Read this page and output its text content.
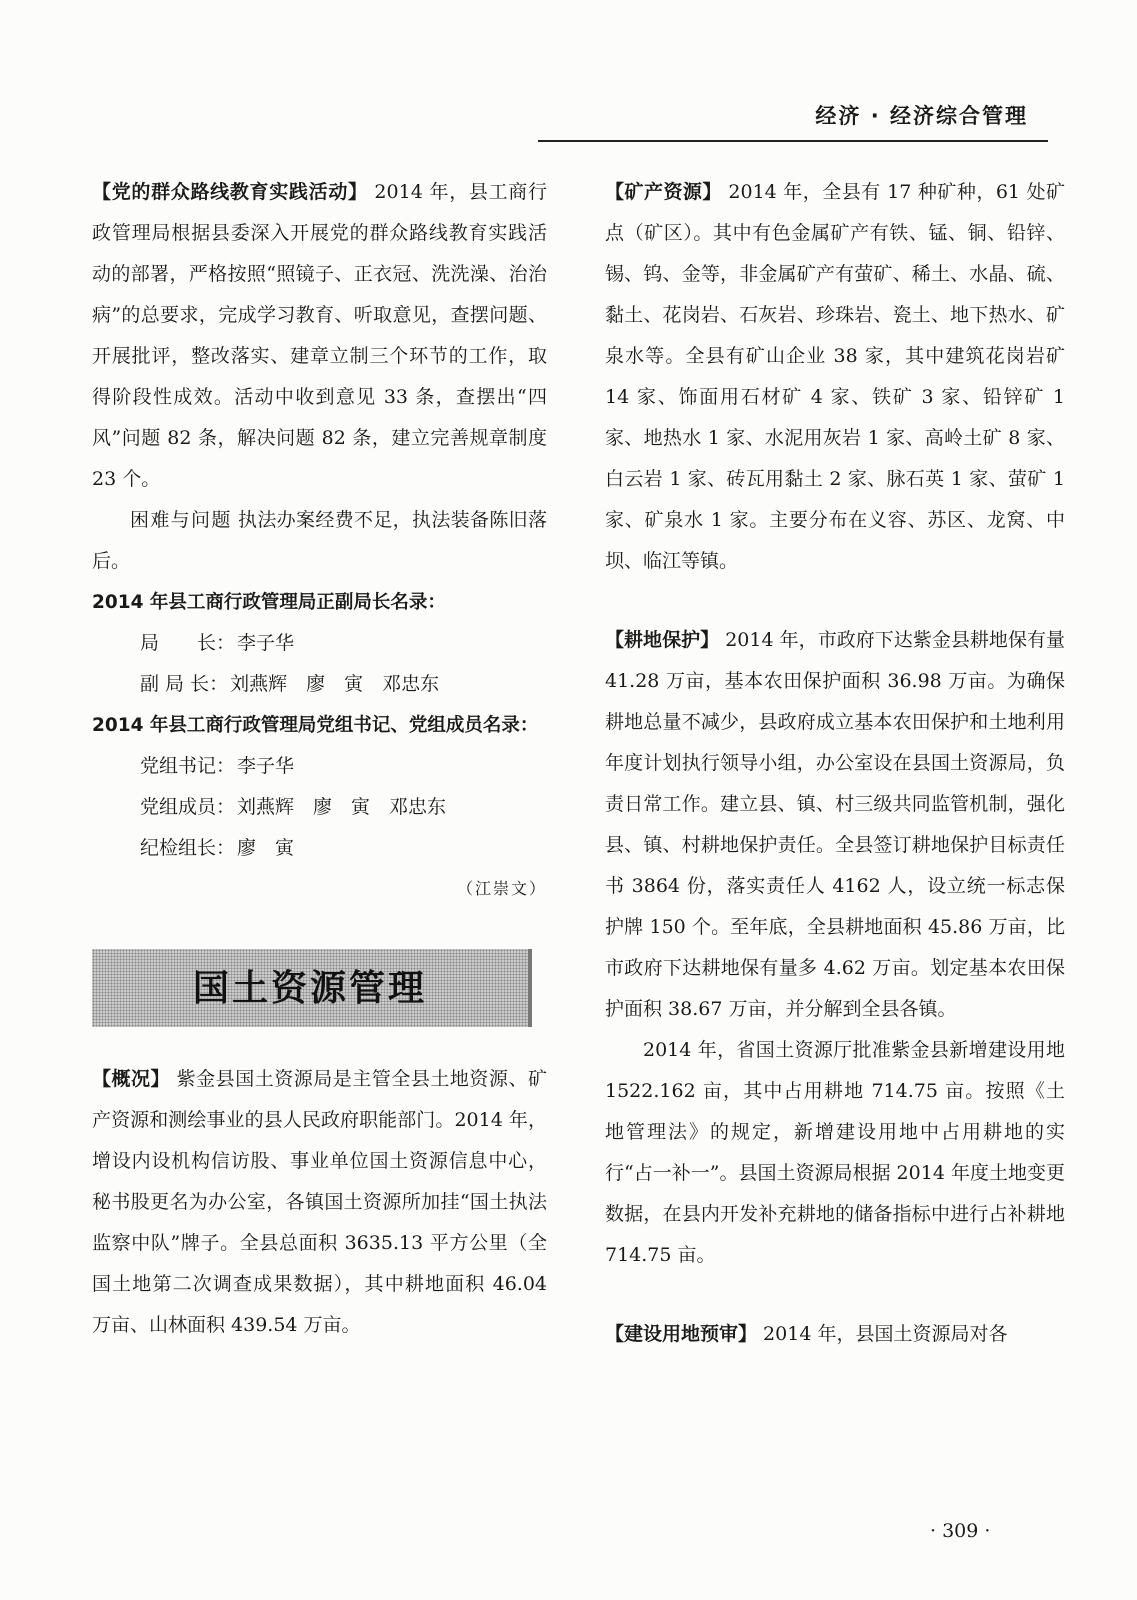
经济 · 经济综合管理

【党的群众路线教育实践活动】 2014 年，县工商行政管理局根据县委深入开展党的群众路线教育实践活动的部署，严格按照“照镜子、正衣冠、洗洗澡、治治病”的总要求，完成学习教育、听取意见，查摆问题、开展批评，整改落实、建章立制三个环节的工作，取得阶段性成效。活动中收到意见 33 条，查摆出“四风”问题 82 条，解决问题 82 条，建立完善规章制度 23 个。

困难与问题 执法办案经费不足，执法装备陈旧落后。

2014 年县工商行政管理局正副局长名录：

局　　长： 李子华

副 局 长： 刘燕辉　廖　寅　邓忠东

2014 年县工商行政管理局党组书记、党组成员名录：

党组书记： 李子华

党组成员： 刘燕辉　廖　寅　邓忠东

纪检组长： 廖　寅

（江崇文）

国土资源管理

【概况】 紫金县国土资源局是主管全县土地资源、矿产资源和测绘事业的县人民政府职能部门。2014 年，增设内设机构信访股、事业单位国土资源信息中心，秘书股更名为办公室，各镇国土资源所加挂“国土执法监察中队”牌子。全县总面积 3635.13 平方公里（全国土地第二次调查成果数据），其中耕地面积 46.04 万亩、山林面积 439.54 万亩。

【矿产资源】 2014 年，全县有 17 种矿种，61 处矿点（矿区）。其中有色金属矿产有铁、锰、铜、铅锌、锡、钨、金等，非金属矿产有萤矿、稀土、水晶、硫、黏土、花岗岩、石灰岩、珍珠岩、瓷土、地下热水、矿泉水等。全县有矿山企业 38 家，其中建筑花岗岩矿 14 家、饰面用石材矿 4 家、铁矿 3 家、铅锌矿 1 家、地热水 1 家、水泥用灰岩 1 家、高岭土矿 8 家、白云岩 1 家、砖瓦用黏土 2 家、脉石英 1 家、萤矿 1 家、矿泉水 1 家。主要分布在义容、苏区、龙窝、中坝、临江等镇。

【耕地保护】 2014 年，市政府下达紫金县耕地保有量 41.28 万亩，基本农田保护面积 36.98 万亩。为确保耕地总量不减少，县政府成立基本农田保护和土地利用年度计划执行领导小组，办公室设在县国土资源局，负责日常工作。建立县、镇、村三级共同监管机制，强化县、镇、村耕地保护责任。全县签订耕地保护目标责任书 3864 份，落实责任人 4162 人，设立统一标志保护牌 150 个。至年底，全县耕地面积 45.86 万亩，比市政府下达耕地保有量多 4.62 万亩。划定基本农田保护面积 38.67 万亩，并分解到全县各镇。

2014 年，省国土资源厅批准紫金县新增建设用地 1522.162 亩，其中占用耕地 714.75 亩。按照《土地管理法》的规定，新增建设用地中占用耕地的实行“占一补一”。县国土资源局根据 2014 年度土地变更数据，在县内开发补充耕地的储备指标中进行占补耕地 714.75 亩。

【建设用地预审】 2014 年，县国土资源局对各

· 309 ·
